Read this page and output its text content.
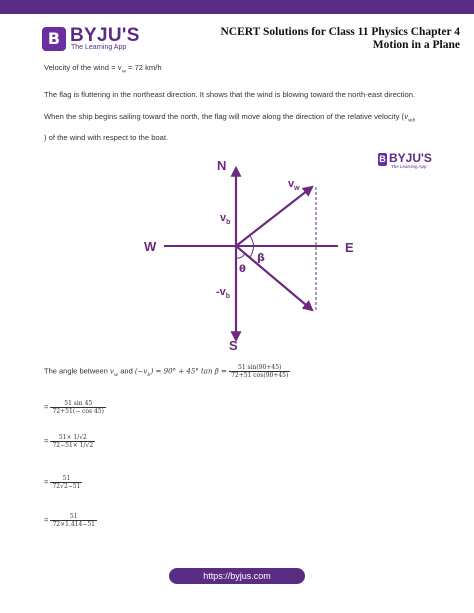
B BYJU'S
The Learning App
NCERT Solutions for Class 11 Physics Chapter 4
Motion in a Plane
Velocity of the wind = $v_w = 72$ km/h
The flag is fluttering in the northeast direction. It shows that the wind is blowing toward the north-east direction.
When the ship begins sailing toward the north, the flag will move along the direction of the relative velocity ($v_{wb}$
) of the wind with respect to the boat.
B BYJU'S
The Learning App
N
S
W	E
$v_w$
$v_b$
$-v_b$
β
θ
The angle between $v_w$ and $(-v_b) = 90^\circ + 45^\circ$ $\tan \beta = \frac{51 \sin(90+45)}{72+51 \cos(90+45)}$
= $\frac{51 \sin 45}{72+51(- \cos 45)}$
= $\frac{51\times 1/√2}{72-51\times 1/√2}$
= $\frac{51}{72√2-51}$
= $\frac{51}{72\times 1.414-51}$
https://byjus.com
